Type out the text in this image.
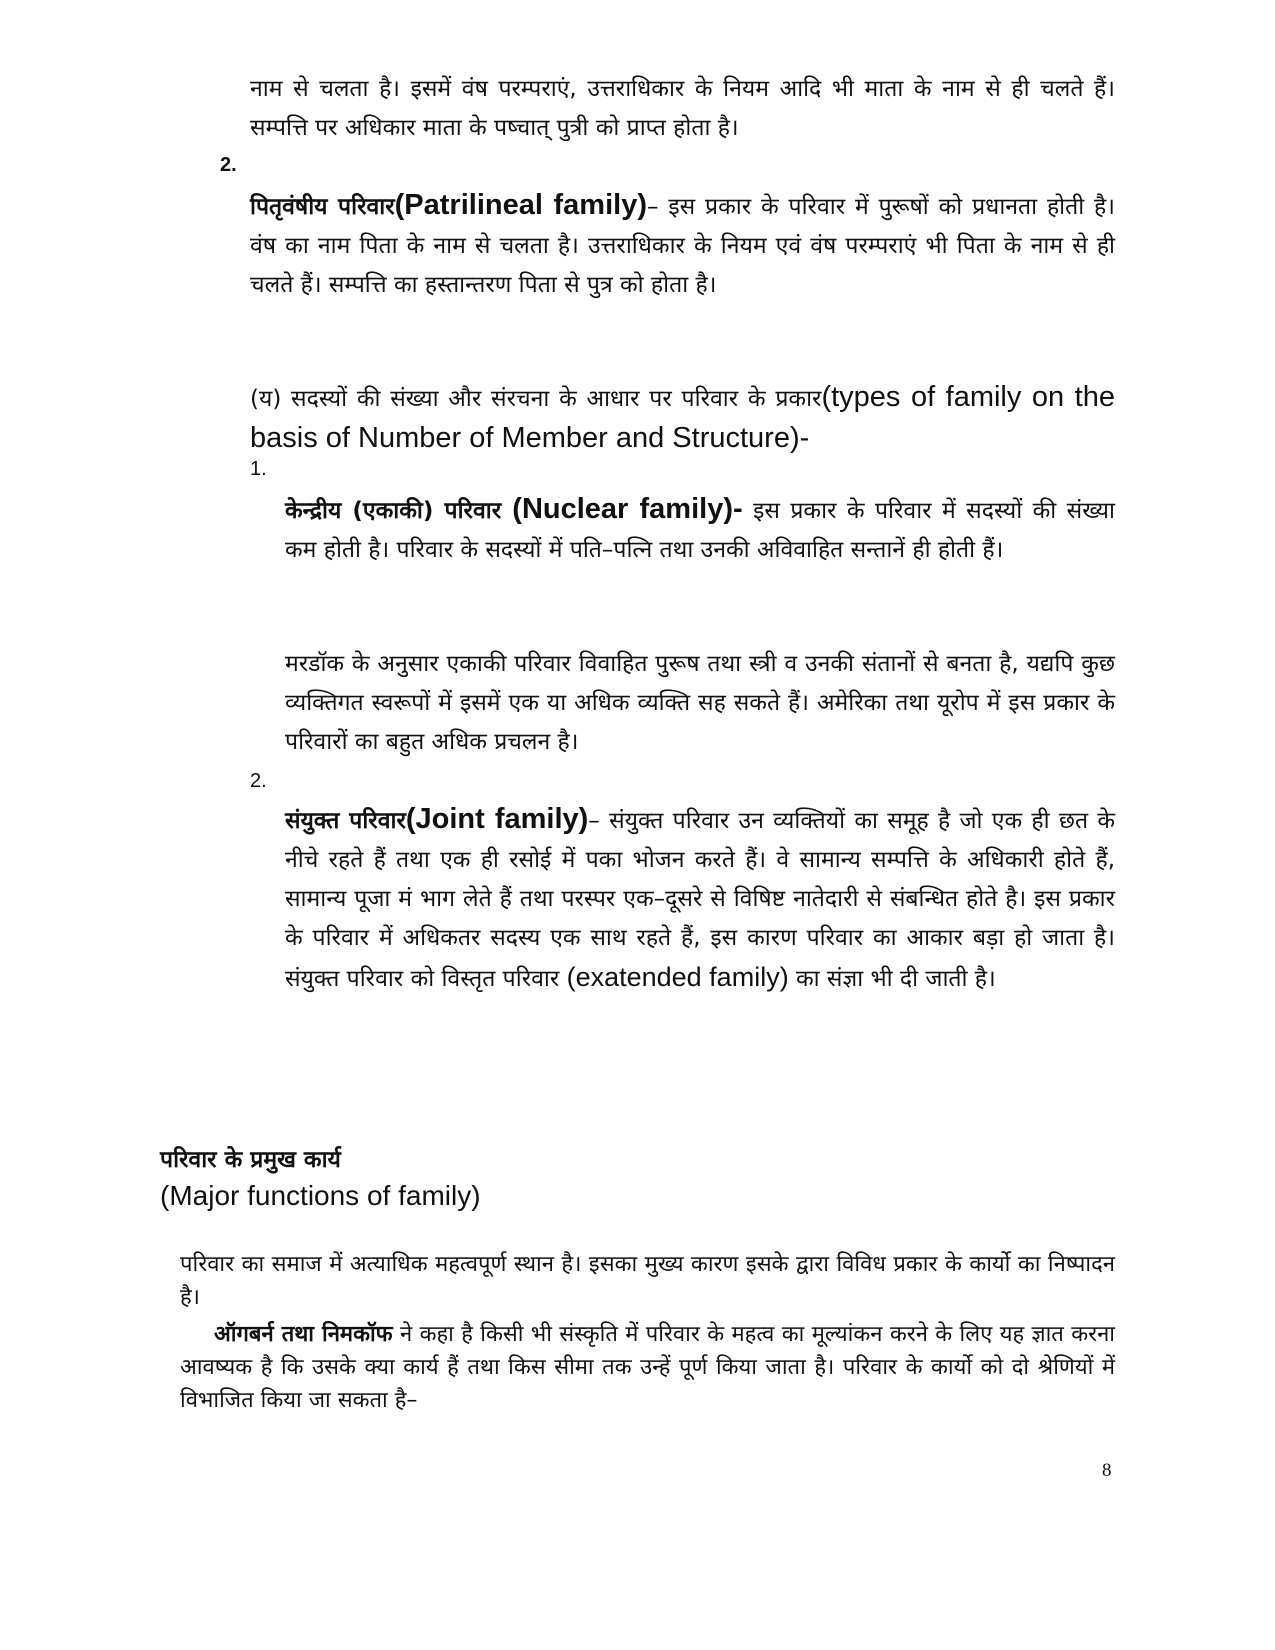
नाम से चलता है। इसमें वंष परम्पराएं, उत्तराधिकार के नियम आदि भी माता के नाम से ही चलते हैं। सम्पत्ति पर अधिकार माता के पष्चात् पुत्री को प्राप्त होता है।

2.

पितृवंषीय परिवार(Patrilineal family)– इस प्रकार के परिवार में पुरूषों को प्रधानता होती है। वंष का नाम पिता के नाम से चलता है। उत्तराधिकार के नियम एवं वंष परम्पराएं भी पिता के नाम से ही चलते हैं। सम्पत्ति का हस्तान्तरण पिता से पुत्र को होता है।

(य) सदस्यों की संख्या और संरचना के आधार पर परिवार के प्रकार(types of family on the basis of Number of Member and Structure)-

1.

केन्द्रीय (एकाकी) परिवार (Nuclear family)- इस प्रकार के परिवार में सदस्यों की संख्या कम होती है। परिवार के सदस्यों में पति–पत्नि तथा उनकी अविवाहित सन्तानें ही होती हैं।

मरडॉक के अनुसार एकाकी परिवार विवाहित पुरूष तथा स्त्री व उनकी संतानों से बनता है, यद्यपि कुछ व्यक्तिगत स्वरूपों में इसमें एक या अधिक व्यक्ति सह सकते हैं। अमेरिका तथा यूरोप में इस प्रकार के परिवारों का बहुत अधिक प्रचलन है।

2.

संयुक्त परिवार(Joint family)– संयुक्त परिवार उन व्यक्तियों का समूह है जो एक ही छत के नीचे रहते हैं तथा एक ही रसोई में पका भोजन करते हैं। वे सामान्य सम्पत्ति के अधिकारी होते हैं, सामान्य पूजा मं भाग लेते हैं तथा परस्पर एक–दूसरे से विषिष्ट नातेदारी से संबन्धित होते है। इस प्रकार के परिवार में अधिकतर सदस्य एक साथ रहते हैं, इस कारण परिवार का आकार बड़ा हो जाता है। संयुक्त परिवार को विस्तृत परिवार (exatended family) का संज्ञा भी दी जाती है।

परिवार के प्रमुख कार्य
(Major functions of family)

परिवार का समाज में अत्याधिक महत्वपूर्ण स्थान है। इसका मुख्य कारण इसके द्वारा विविध प्रकार के कार्यो का निष्पादन है।

ऑगबर्न तथा निमकॉफ ने कहा है किसी भी संस्कृति में परिवार के महत्व का मूल्यांकन करने के लिए यह ज्ञात करना आवष्यक है कि उसके क्या कार्य हैं तथा किस सीमा तक उन्हें पूर्ण किया जाता है। परिवार के कार्यो को दो श्रेणियों में विभाजित किया जा सकता है–

8
